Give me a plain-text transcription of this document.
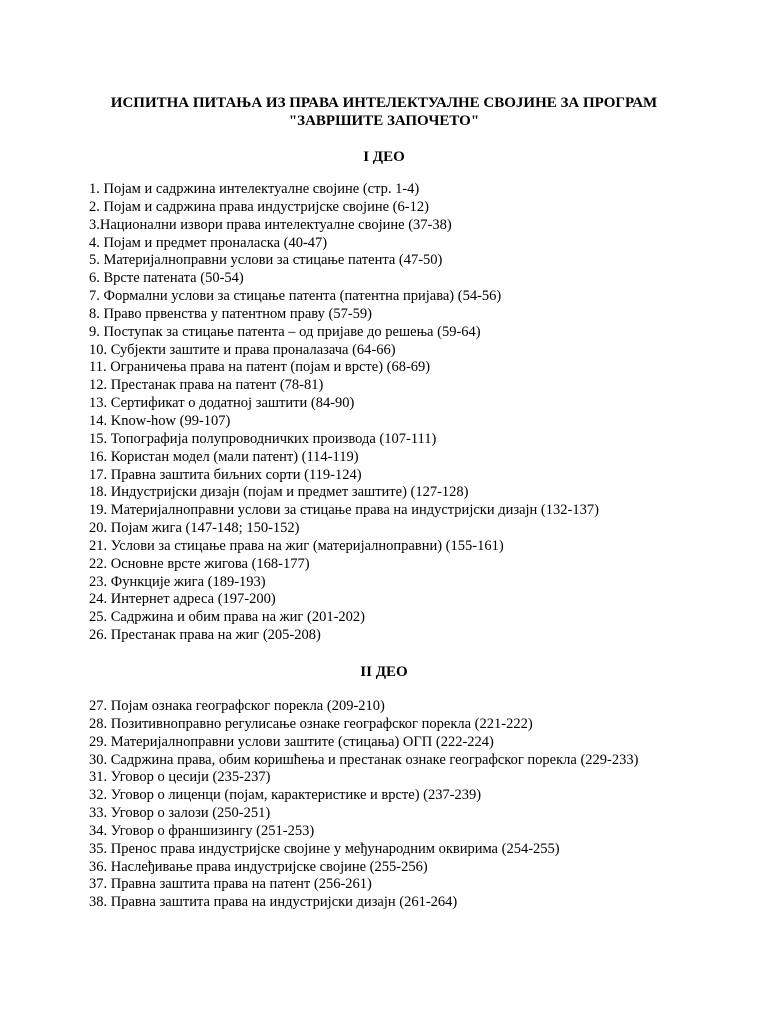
ИСПИТНА ПИТАЊА ИЗ ПРАВА ИНТЕЛЕКТУАЛНЕ СВОЈИНЕ ЗА ПРОГРАМ
"ЗАВРШИТЕ ЗАПОЧЕТО"
I ДЕО
1. Појам и садржина интелектуалне својине (стр. 1-4)
2. Појам и садржина права индустријске својине (6-12)
3.Национални извори права интелектуалне својине (37-38)
4. Појам и предмет проналаска (40-47)
5. Материјалноправни услови за стицање патента (47-50)
6. Врсте патената (50-54)
7. Формални услови за стицање патента (патентна пријава) (54-56)
8. Право првенства у патентном праву (57-59)
9. Поступак за стицање патента – од пријаве до решења (59-64)
10. Субјекти заштите и права проналазача (64-66)
11. Ограничења права на патент (појам и врсте) (68-69)
12. Престанак права на патент (78-81)
13. Сертификат о додатној заштити (84-90)
14. Know-how (99-107)
15. Топографија полупроводничких производа (107-111)
16. Користан модел (мали патент) (114-119)
17. Правна заштита биљних сорти (119-124)
18. Индустријски дизајн (појам и предмет заштите) (127-128)
19. Материјалноправни услови за стицање права на индустријски дизајн (132-137)
20. Појам жига (147-148; 150-152)
21. Услови за стицање права на жиг (материјалноправни) (155-161)
22. Основне врсте жигова (168-177)
23. Функције жига (189-193)
24. Интернет адреса (197-200)
25. Садржина и обим права на жиг (201-202)
26. Престанак права на жиг (205-208)
II ДЕО
27. Појам ознака географског порекла (209-210)
28. Позитивноправно регулисање ознаке географског порекла (221-222)
29. Материјалноправни услови заштите (стицања) ОГП (222-224)
30. Садржина права, обим коришћења и престанак ознаке географског порекла (229-233)
31. Уговор о цесији (235-237)
32. Уговор о лиценци (појам, карактеристике и врсте) (237-239)
33. Уговор о залози (250-251)
34. Уговор о франшизингу (251-253)
35. Пренос права индустријске својине у међународним оквирима (254-255)
36. Наслеђивање права индустријске својине (255-256)
37. Правна заштита права на патент (256-261)
38. Правна заштита права на индустријски дизајн (261-264)
